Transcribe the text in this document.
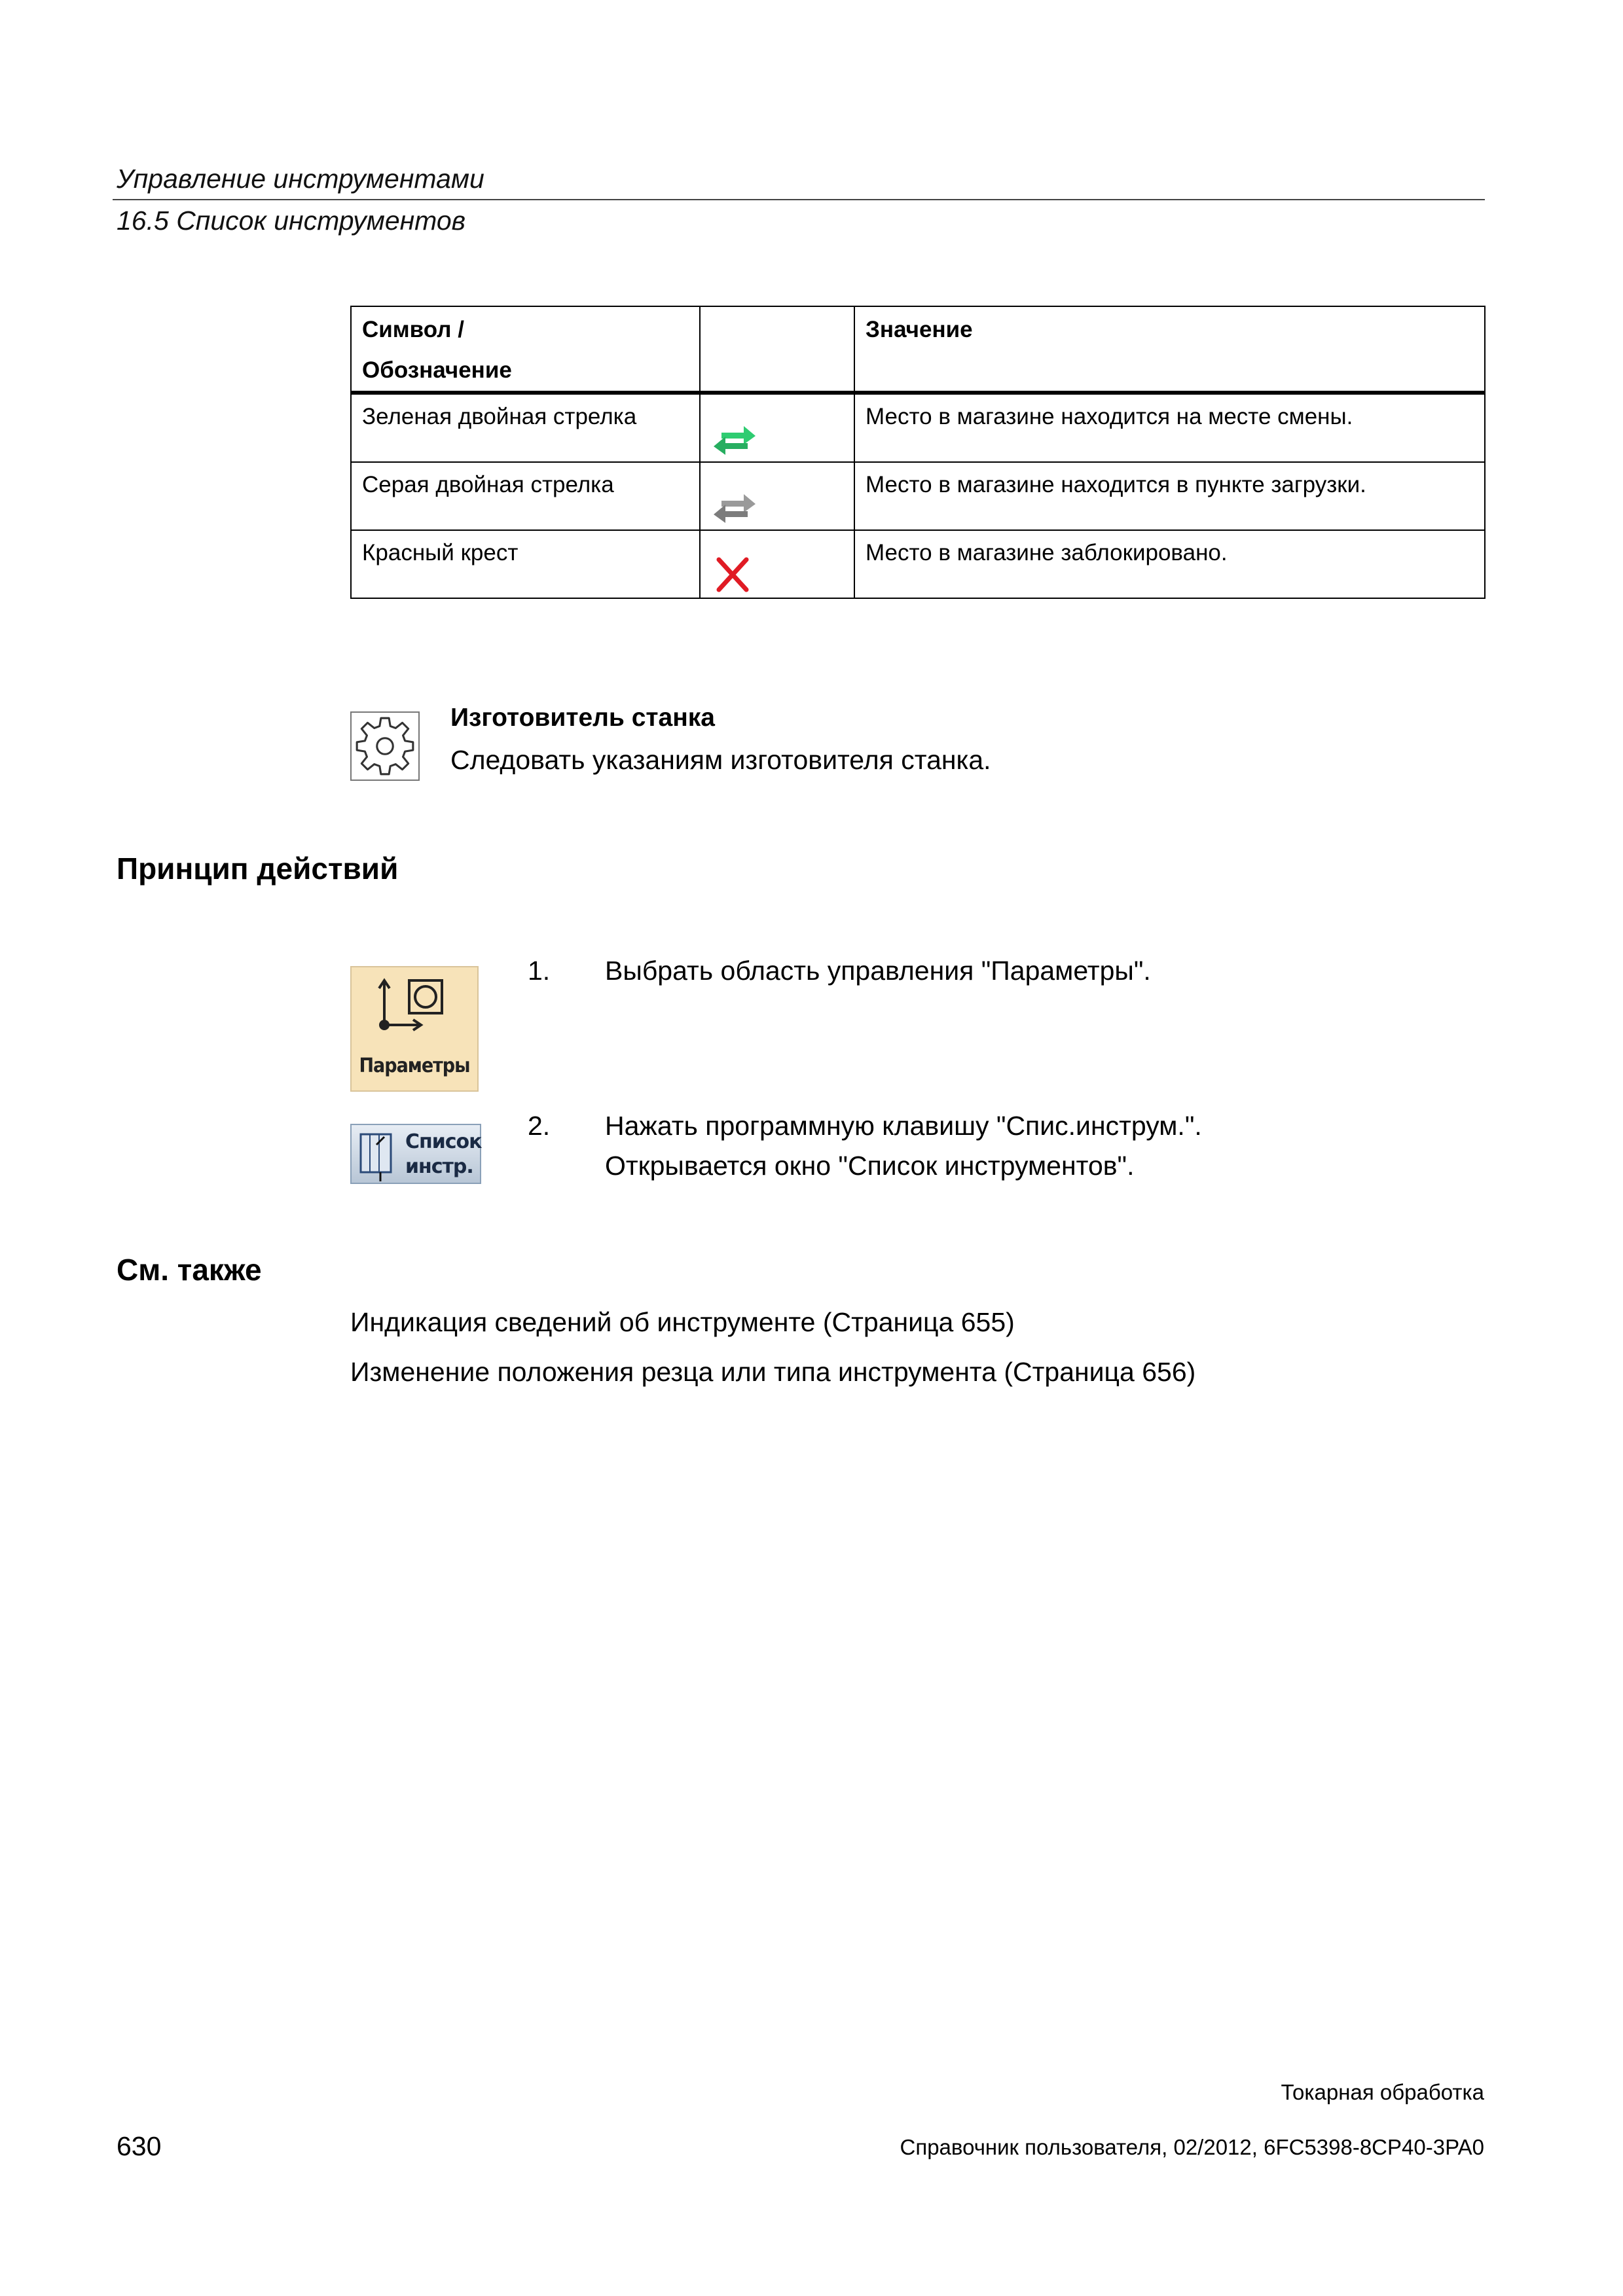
Управление инструментами
16.5 Список инструментов
Символ /
Обозначение		Значение
Зеленая двойная стрелка		Место в магазине находится на месте смены.
Серая двойная стрелка		Место в магазине находится в пункте загрузки.
Красный крест		Место в магазине заблокировано.
Изготовитель станка
Следовать указаниям изготовителя станка.
Принцип действий
Параметры
1. Выбрать область управления "Параметры".
Список
инстр.
2. Нажать программную клавишу "Спис.инструм.".
Открывается окно "Список инструментов".
См. также
Индикация сведений об инструменте (Страница 655)
Изменение положения резца или типа инструмента (Страница 656)
Токарная обработка
Справочник пользователя, 02/2012, 6FC5398-8CP40-3PA0
630
